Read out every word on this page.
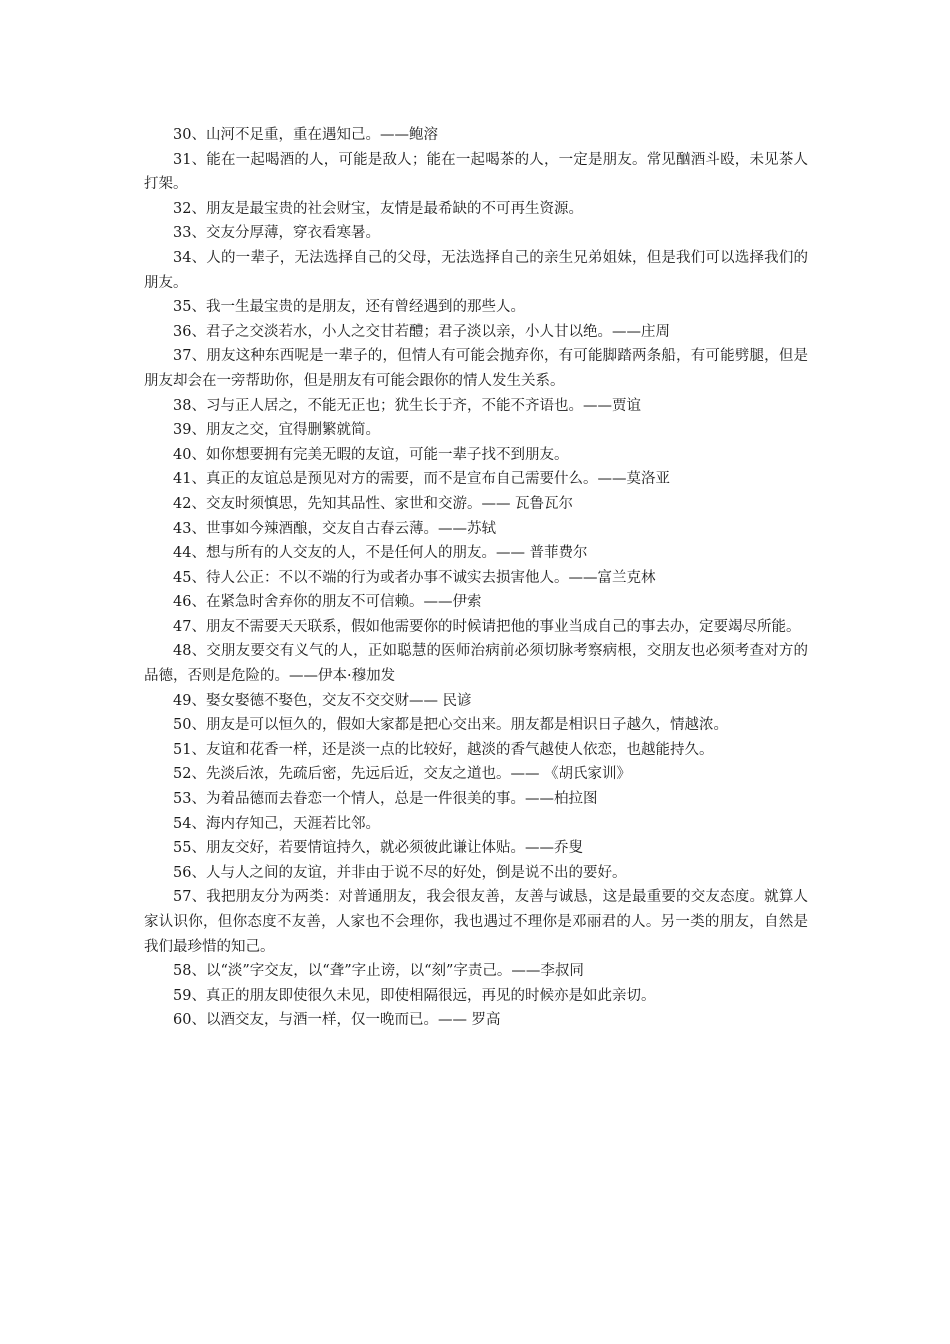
30、山河不足重，重在遇知己。——鲍溶

31、能在一起喝酒的人，可能是敌人；能在一起喝茶的人，一定是朋友。常见酗酒斗殴，未见茶人打架。

32、朋友是最宝贵的社会财宝，友情是最希缺的不可再生资源。

33、交友分厚薄，穿衣看寒暑。

34、人的一辈子，无法选择自己的父母，无法选择自己的亲生兄弟姐妹，但是我们可以选择我们的朋友。

35、我一生最宝贵的是朋友，还有曾经遇到的那些人。

36、君子之交淡若水，小人之交甘若醴；君子淡以亲，小人甘以绝。——庄周

37、朋友这种东西呢是一辈子的，但情人有可能会抛弃你，有可能脚踏两条船，有可能劈腿，但是朋友却会在一旁帮助你，但是朋友有可能会跟你的情人发生关系。

38、习与正人居之，不能无正也；犹生长于齐，不能不齐语也。——贾谊

39、朋友之交，宜得删繁就简。

40、如你想要拥有完美无暇的友谊，可能一辈子找不到朋友。

41、真正的友谊总是预见对方的需要，而不是宣布自己需要什么。——莫洛亚

42、交友时须慎思，先知其品性、家世和交游。—— 瓦鲁瓦尔

43、世事如今辣酒酿，交友自古春云薄。——苏轼

44、想与所有的人交友的人，不是任何人的朋友。—— 普菲费尔

45、待人公正：不以不端的行为或者办事不诚实去损害他人。——富兰克林

46、在紧急时舍弃你的朋友不可信赖。——伊索

47、朋友不需要天天联系，假如他需要你的时候请把他的事业当成自己的事去办，定要竭尽所能。

48、交朋友要交有义气的人，正如聪慧的医师治病前必须切脉考察病根，交朋友也必须考查对方的品德，否则是危险的。——伊本·穆加发

49、娶女娶德不娶色，交友不交交财—— 民谚

50、朋友是可以恒久的，假如大家都是把心交出来。朋友都是相识日子越久，情越浓。

51、友谊和花香一样，还是淡一点的比较好，越淡的香气越使人依恋，也越能持久。

52、先淡后浓，先疏后密，先远后近，交友之道也。—— 《胡氏家训》

53、为着品德而去眷恋一个情人，总是一件很美的事。——柏拉图

54、海内存知己，天涯若比邻。

55、朋友交好，若要情谊持久，就必须彼此谦让体贴。——乔叟

56、人与人之间的友谊，并非由于说不尽的好处，倒是说不出的要好。

57、我把朋友分为两类：对普通朋友，我会很友善，友善与诚恳，这是最重要的交友态度。就算人家认识你，但你态度不友善，人家也不会理你，我也遇过不理你是邓丽君的人。另一类的朋友，自然是我们最珍惜的知己。

58、以“淡”字交友，以“聋”字止谤，以“刻”字责己。——李叔同

59、真正的朋友即使很久未见，即使相隔很远，再见的时候亦是如此亲切。

60、以酒交友，与酒一样，仅一晚而已。—— 罗高
